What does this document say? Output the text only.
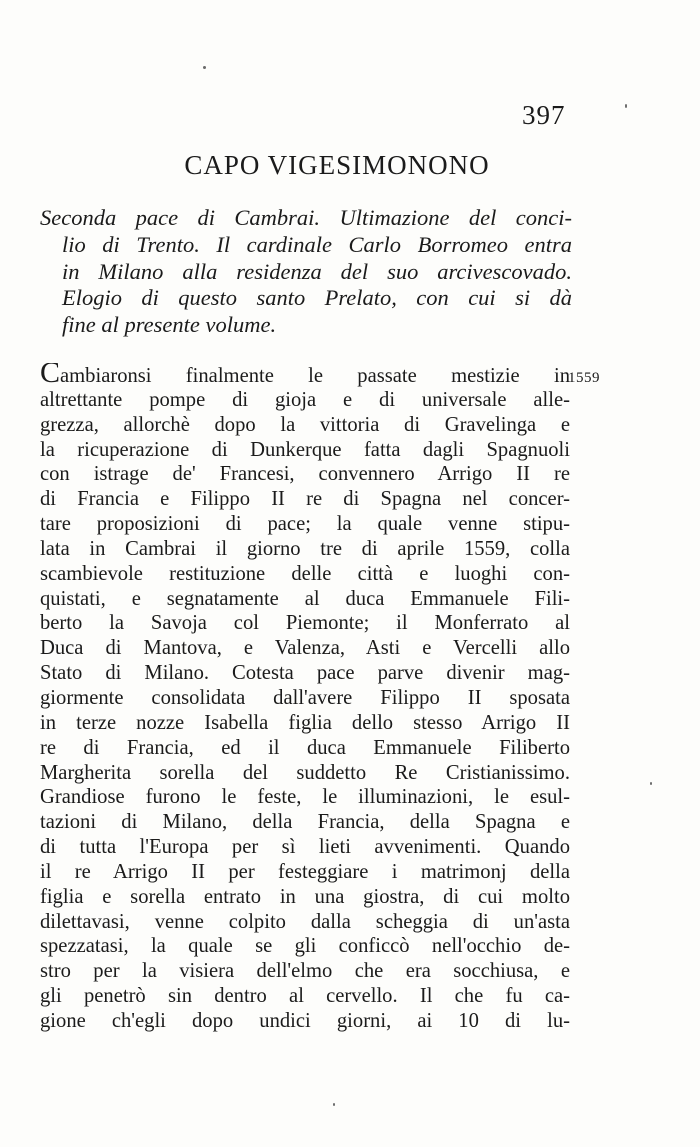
397
CAPO VIGESIMONONO
Seconda pace di Cambrai. Ultimazione del conci-
lio di Trento. Il cardinale Carlo Borromeo entra
in Milano alla residenza del suo arcivescovado.
Elogio di questo santo Prelato, con cui si dà
fine al presente volume.
1559
Cambiaronsi finalmente le passate mestizie in
altrettante pompe di gioja e di universale alle-
grezza, allorchè dopo la vittoria di Gravelinga e
la ricuperazione di Dunkerque fatta dagli Spagnuoli
con istrage de' Francesi, convennero Arrigo II re
di Francia e Filippo II re di Spagna nel concer-
tare proposizioni di pace; la quale venne stipu-
lata in Cambrai il giorno tre di aprile 1559, colla
scambievole restituzione delle città e luoghi con-
quistati, e segnatamente al duca Emmanuele Fili-
berto la Savoja col Piemonte; il Monferrato al
Duca di Mantova, e Valenza, Asti e Vercelli allo
Stato di Milano. Cotesta pace parve divenir mag-
giormente consolidata dall'avere Filippo II sposata
in terze nozze Isabella figlia dello stesso Arrigo II
re di Francia, ed il duca Emmanuele Filiberto
Margherita sorella del suddetto Re Cristianissimo.
Grandiose furono le feste, le illuminazioni, le esul-
tazioni di Milano, della Francia, della Spagna e
di tutta l'Europa per sì lieti avvenimenti. Quando
il re Arrigo II per festeggiare i matrimonj della
figlia e sorella entrato in una giostra, di cui molto
dilettavasi, venne colpito dalla scheggia di un'asta
spezzatasi, la quale se gli conficcò nell'occhio de-
stro per la visiera dell'elmo che era socchiusa, e
gli penetrò sin dentro al cervello. Il che fu ca-
gione ch'egli dopo undici giorni, ai 10 di lu-
